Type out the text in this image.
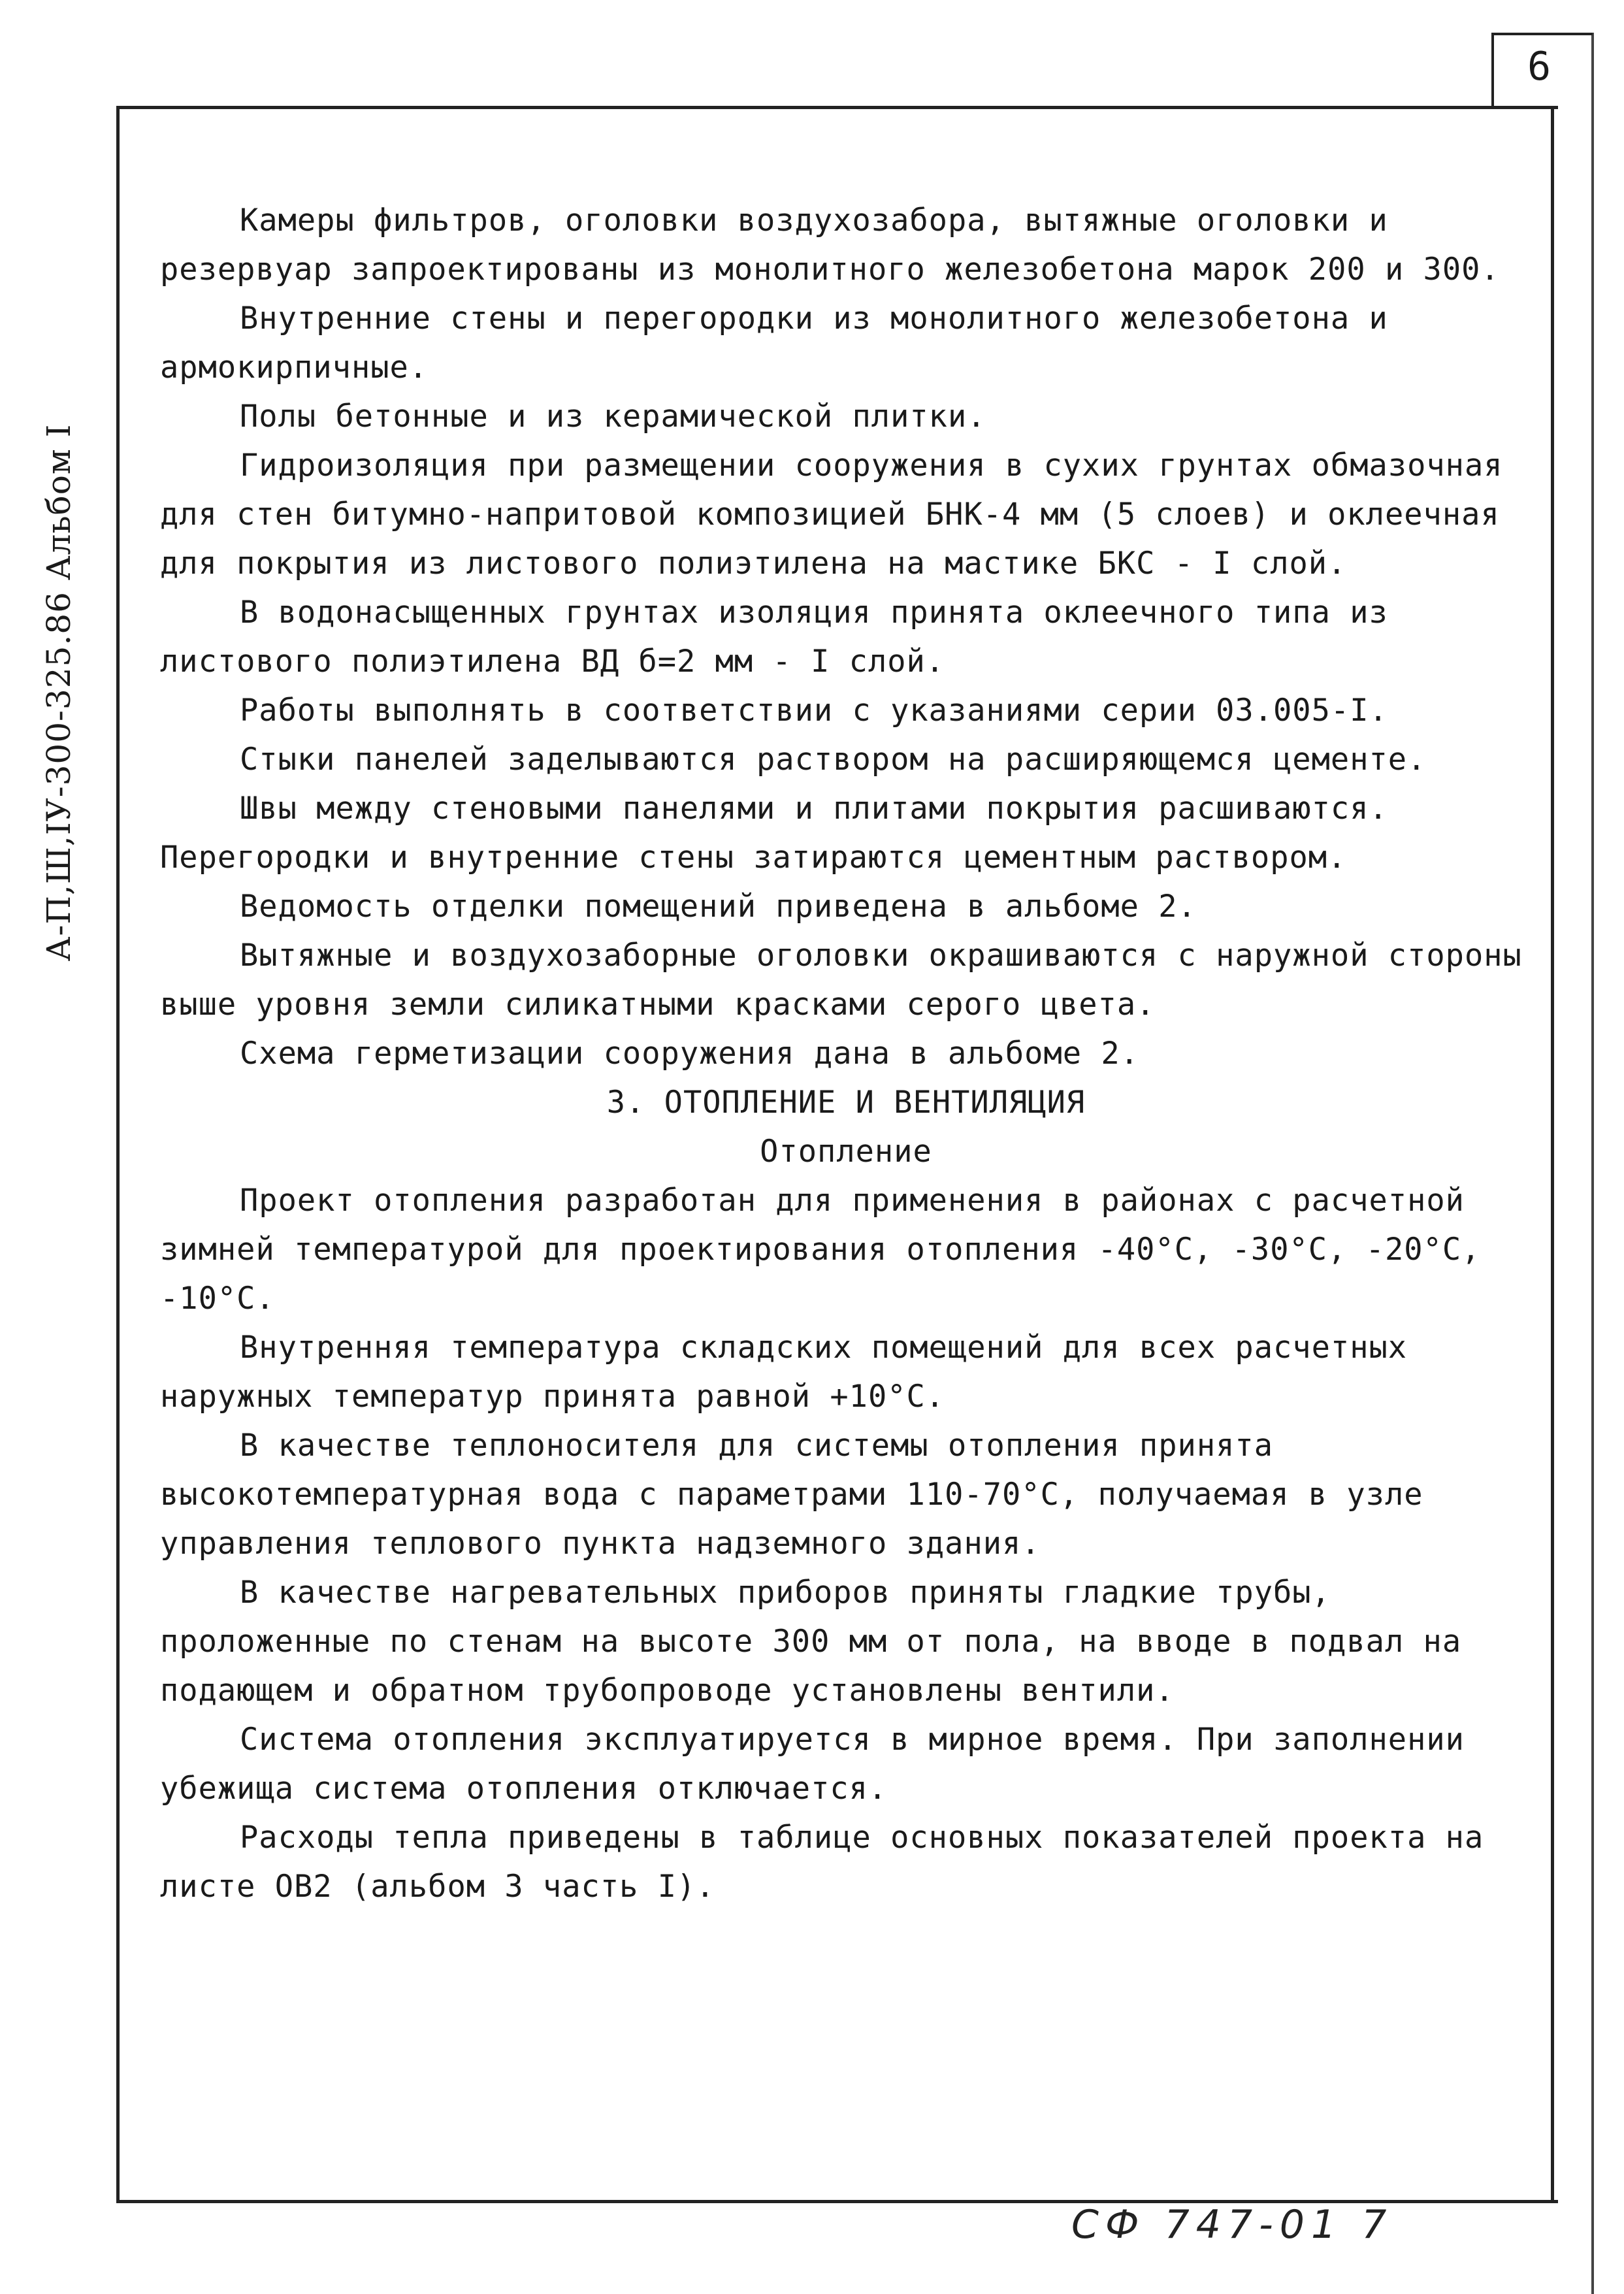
6
А-П,Ш,IУ-300-325.86 Альбом I

Камеры фильтров, оголовки воздухозабора, вытяжные оголовки и резервуар запроектированы из монолитного железобетона марок 200 и 300.

Внутренние стены и перегородки из монолитного железобетона и армокирпичные.

Полы бетонные и из керамической плитки.

Гидроизоляция при размещении сооружения в сухих грунтах обмазочная для стен битумно-напритовой композицией БНК-4 мм (5 слоев) и оклеечная для покрытия из листового полиэтилена на мастике БКС - I слой.

В водонасыщенных грунтах изоляция принята оклеечного типа из листового полиэтилена ВД б=2 мм - I слой.

Работы выполнять в соответствии с указаниями серии 03.005-I.

Стыки панелей заделываются раствором на расширяющемся цементе.

Швы между стеновыми панелями и плитами покрытия расшиваются.

Перегородки и внутренние стены затираются цементным раствором.

Ведомость отделки помещений приведена в альбоме 2.

Вытяжные и воздухозаборные оголовки окрашиваются с наружной стороны выше уровня земли силикатными красками серого цвета.

Схема герметизации сооружения дана в альбоме 2.

3. ОТОПЛЕНИЕ И ВЕНТИЛЯЦИЯ

Отопление

Проект отопления разработан для применения в районах с расчетной зимней температурой для проектирования отопления -40°С, -30°С, -20°С, -10°С.

Внутренняя температура складских помещений для всех расчетных наружных температур принята равной +10°С.

В качестве теплоносителя для системы отопления принята высокотемпературная вода с параметрами 110-70°С, получаемая в узле управления теплового пункта надземного здания.

В качестве нагревательных приборов приняты гладкие трубы, проложенные по стенам на высоте 300 мм от пола, на вводе в подвал на подающем и обратном трубопроводе установлены вентили.

Система отопления эксплуатируется в мирное время. При заполнении убежища система отопления отключается.

Расходы тепла приведены в таблице основных показателей проекта на листе ОВ2 (альбом 3 часть I).

СФ 747-01 7
